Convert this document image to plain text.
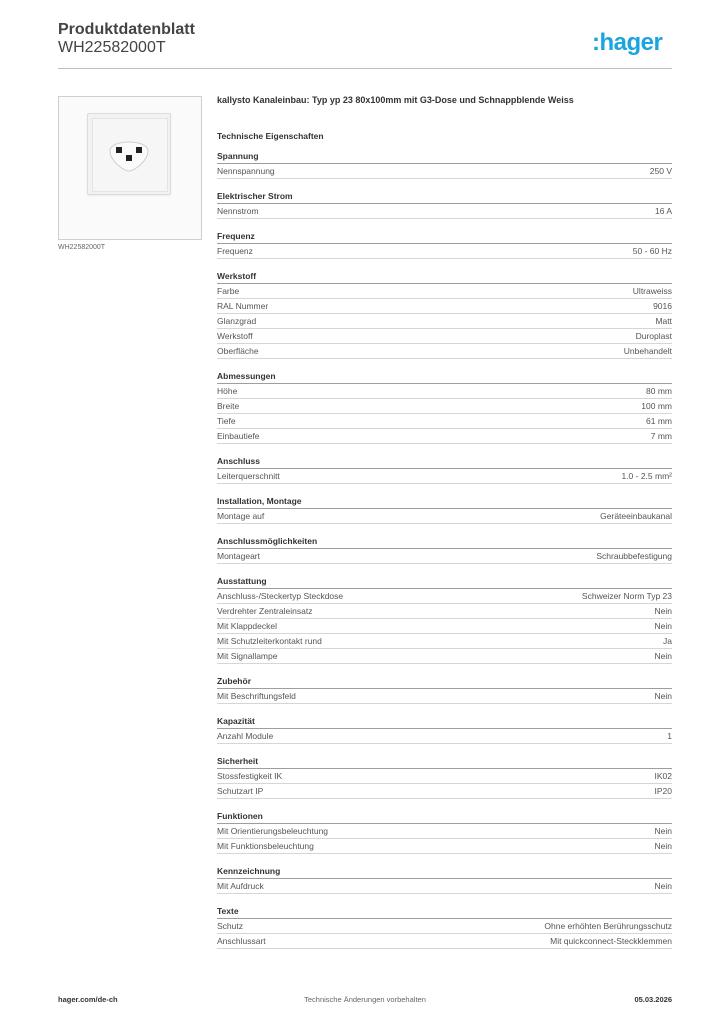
Produktdatenblatt
WH22582000T	:hager
WH22582000T
kallysto Kanaleinbau: Typ yp 23 80x100mm mit G3-Dose und Schnappblende Weiss
Technische Eigenschaften
Spannung
Nennspannung	250 V
Elektrischer Strom
Nennstrom	16 A
Frequenz
Frequenz	50 - 60 Hz
Werkstoff
Farbe	Ultraweiss
RAL Nummer	9016
Glanzgrad	Matt
Werkstoff	Duroplast
Oberfläche	Unbehandelt
Abmessungen
Höhe	80 mm
Breite	100 mm
Tiefe	61 mm
Einbautiefe	7 mm
Anschluss
Leiterquerschnitt	1.0 - 2.5 mm²
Installation, Montage
Montage auf	Geräteeinbaukanal
Anschlussmöglichkeiten
Montageart	Schraubbefestigung
Ausstattung
Anschluss-/Steckertyp Steckdose	Schweizer Norm Typ 23
Verdrehter Zentraleinsatz	Nein
Mit Klappdeckel	Nein
Mit Schutzleiterkontakt rund	Ja
Mit Signallampe	Nein
Zubehör
Mit Beschriftungsfeld	Nein
Kapazität
Anzahl Module	1
Sicherheit
Stossfestigkeit IK	IK02
Schutzart IP	IP20
Funktionen
Mit Orientierungsbeleuchtung	Nein
Mit Funktionsbeleuchtung	Nein
Kennzeichnung
Mit Aufdruck	Nein
Texte
Schutz	Ohne erhöhten Berührungsschutz
Anschlussart	Mit quickconnect-Steckklemmen
hager.com/de-ch	Technische Änderungen vorbehalten	05.03.2026
